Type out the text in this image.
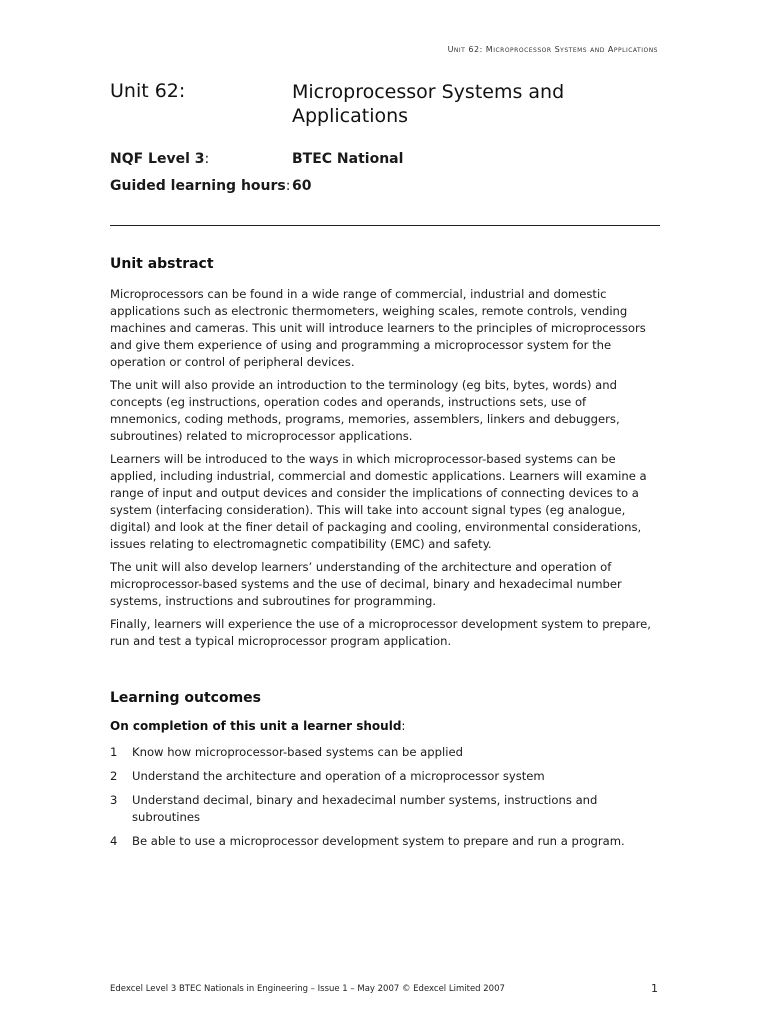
Unit 62: Microprocessor Systems and Applications
Unit 62:	Microprocessor Systems and Applications
NQF Level 3:	BTEC National
Guided learning hours: 60
Unit abstract

Microprocessors can be found in a wide range of commercial, industrial and domestic applications such as electronic thermometers, weighing scales, remote controls, vending machines and cameras. This unit will introduce learners to the principles of microprocessors and give them experience of using and programming a microprocessor system for the operation or control of peripheral devices.

The unit will also provide an introduction to the terminology (eg bits, bytes, words) and concepts (eg instructions, operation codes and operands, instructions sets, use of mnemonics, coding methods, programs, memories, assemblers, linkers and debuggers, subroutines) related to microprocessor applications.

Learners will be introduced to the ways in which microprocessor-based systems can be applied, including industrial, commercial and domestic applications. Learners will examine a range of input and output devices and consider the implications of connecting devices to a system (interfacing consideration). This will take into account signal types (eg analogue, digital) and look at the finer detail of packaging and cooling, environmental considerations, issues relating to electromagnetic compatibility (EMC) and safety.

The unit will also develop learners’ understanding of the architecture and operation of microprocessor-based systems and the use of decimal, binary and hexadecimal number systems, instructions and subroutines for programming.

Finally, learners will experience the use of a microprocessor development system to prepare, run and test a typical microprocessor program application.

Learning outcomes
On completion of this unit a learner should:
1 Know how microprocessor-based systems can be applied
2 Understand the architecture and operation of a microprocessor system
3 Understand decimal, binary and hexadecimal number systems, instructions and subroutines
4 Be able to use a microprocessor development system to prepare and run a program.
Edexcel Level 3 BTEC Nationals in Engineering – Issue 1 – May 2007 © Edexcel Limited 2007	1
